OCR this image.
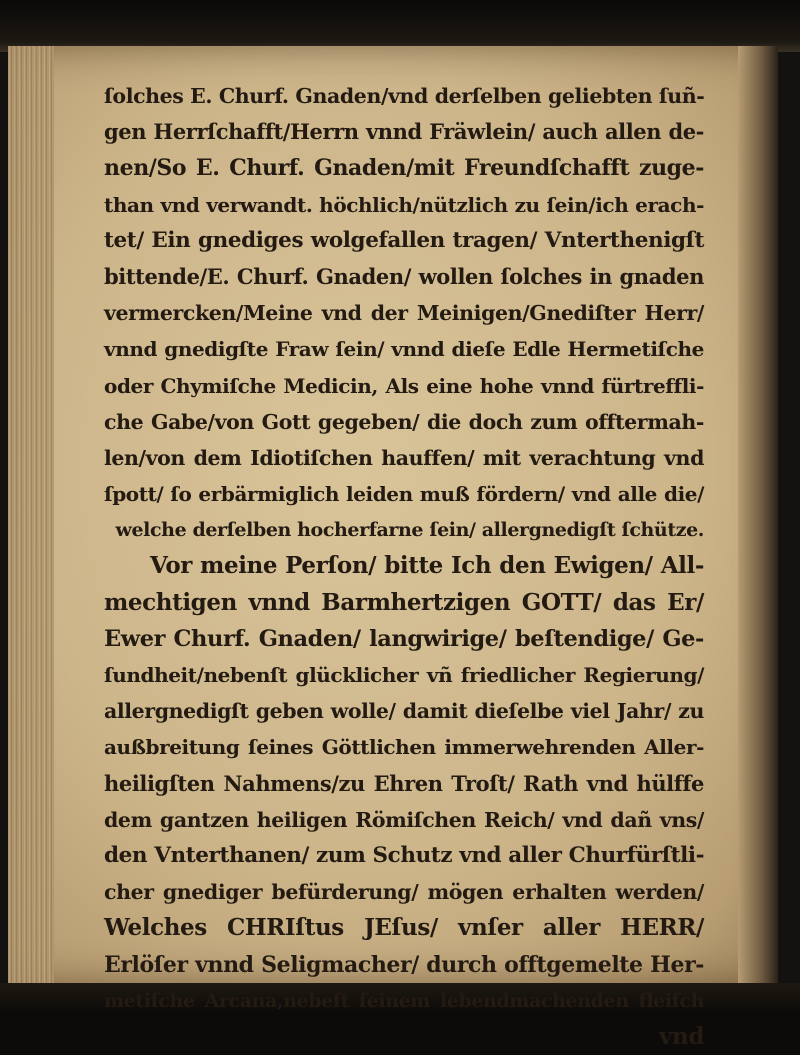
ſolches E. Churf. Gnaden/vnd derſelben geliebten ſuñ-
gen Herrſchafft/Herrn vnnd Fräwlein/ auch allen de-
nen/So E. Churf. Gnaden/mit Freundſchafft zuge-
than vnd verwandt. höchlich/nützlich zu ſein/ich erach-
tet/ Ein gnediges wolgefallen tragen/ Vnterthenigſt
bittende/E. Churf. Gnaden/ wollen ſolches in gnaden
vermercken/Meine vnd der Meinigen/Gnediſter Herr/
vnnd gnedigſte Fraw ſein/ vnnd dieſe Edle Hermetiſche
oder Chymiſche Medicin, Als eine hohe vnnd fürtreffli-
che Gabe/von Gott gegeben/ die doch zum offtermah-
len/von dem Idiotiſchen hauffen/ mit verachtung vnd
ſpott/ ſo erbärmiglich leiden muß fördern/ vnd alle die/
welche derſelben hocherfarne ſein/ allergnedigſt ſchütze.
Vor meine Perſon/ bitte Ich den Ewigen/ All-
mechtigen vnnd Barmhertzigen GOTT/ das Er/
Ewer Churf. Gnaden/ langwirige/ beſtendige/ Ge-
ſundheit/nebenſt glücklicher vñ friedlicher Regierung/
allergnedigſt geben wolle/ damit dieſelbe viel Jahr/ zu
außbreitung ſeines Göttlichen immerwehrenden Aller-
heiligſten Nahmens/zu Ehren Troſt/ Rath vnd hülffe
dem gantzen heiligen Römiſchen Reich/ vnd dañ vns/
den Vnterthanen/ zum Schutz vnd aller Churfürſtli-
cher gnediger befürderung/ mögen erhalten werden/
Welches CHRIſtus JEſus/ vnſer aller HERR/
Erlöſer vnnd Seligmacher/ durch offtgemelte Her-
metiſche Arcana,nebeſt ſeinem lebendmachenden fleiſch
vnd
